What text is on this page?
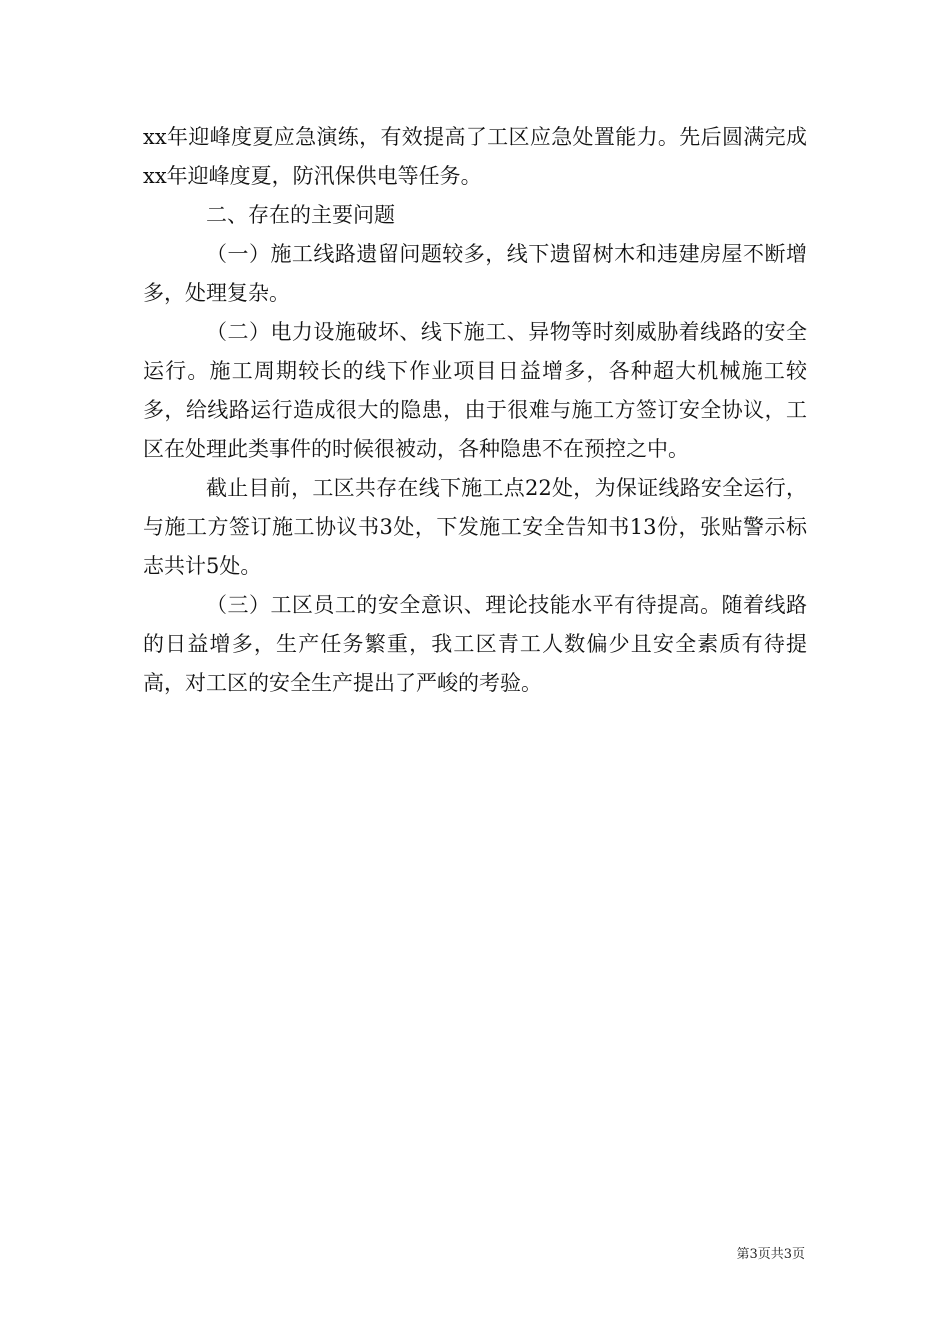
xx年迎峰度夏应急演练，有效提高了工区应急处置能力。先后圆满完成xx年迎峰度夏，防汛保供电等任务。

二、存在的主要问题

（一）施工线路遗留问题较多，线下遗留树木和违建房屋不断增多，处理复杂。

（二）电力设施破坏、线下施工、异物等时刻威胁着线路的安全运行。施工周期较长的线下作业项目日益增多，各种超大机械施工较多，给线路运行造成很大的隐患，由于很难与施工方签订安全协议，工区在处理此类事件的时候很被动，各种隐患不在预控之中。

截止目前，工区共存在线下施工点22处，为保证线路安全运行，与施工方签订施工协议书3处，下发施工安全告知书13份，张贴警示标志共计5处。

（三）工区员工的安全意识、理论技能水平有待提高。随着线路的日益增多，生产任务繁重，我工区青工人数偏少且安全素质有待提高，对工区的安全生产提出了严峻的考验。

第3页共3页
